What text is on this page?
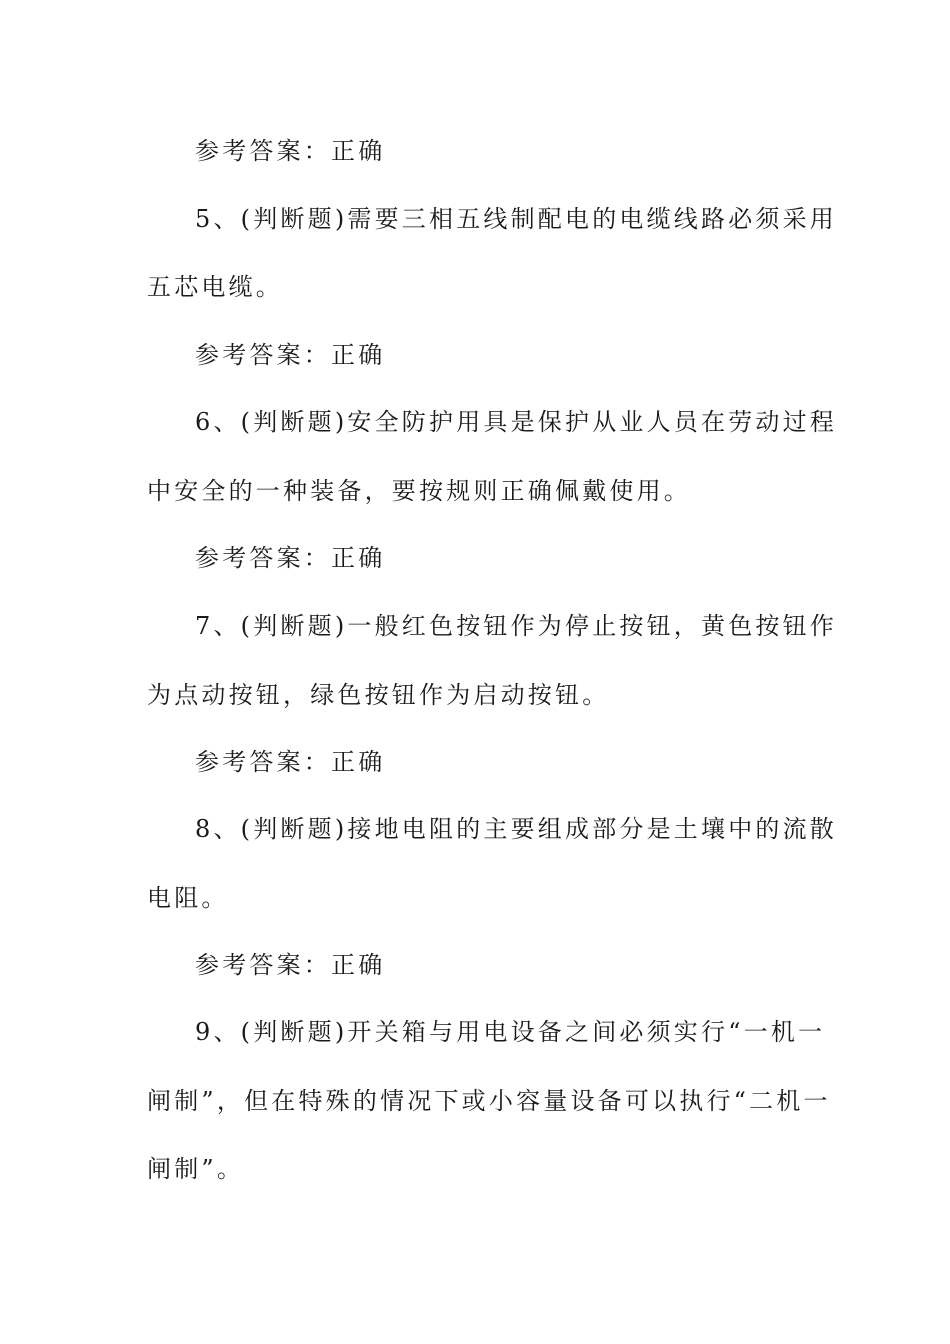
参考答案：正确
5、(判断题)需要三相五线制配电的电缆线路必须采用
五芯电缆。
参考答案：正确
6、(判断题)安全防护用具是保护从业人员在劳动过程
中安全的一种装备，要按规则正确佩戴使用。
参考答案：正确
7、(判断题)一般红色按钮作为停止按钮，黄色按钮作
为点动按钮，绿色按钮作为启动按钮。
参考答案：正确
8、(判断题)接地电阻的主要组成部分是土壤中的流散
电阻。
参考答案：正确
9、(判断题)开关箱与用电设备之间必须实行“一机一
闸制”，但在特殊的情况下或小容量设备可以执行“二机一
闸制”。
